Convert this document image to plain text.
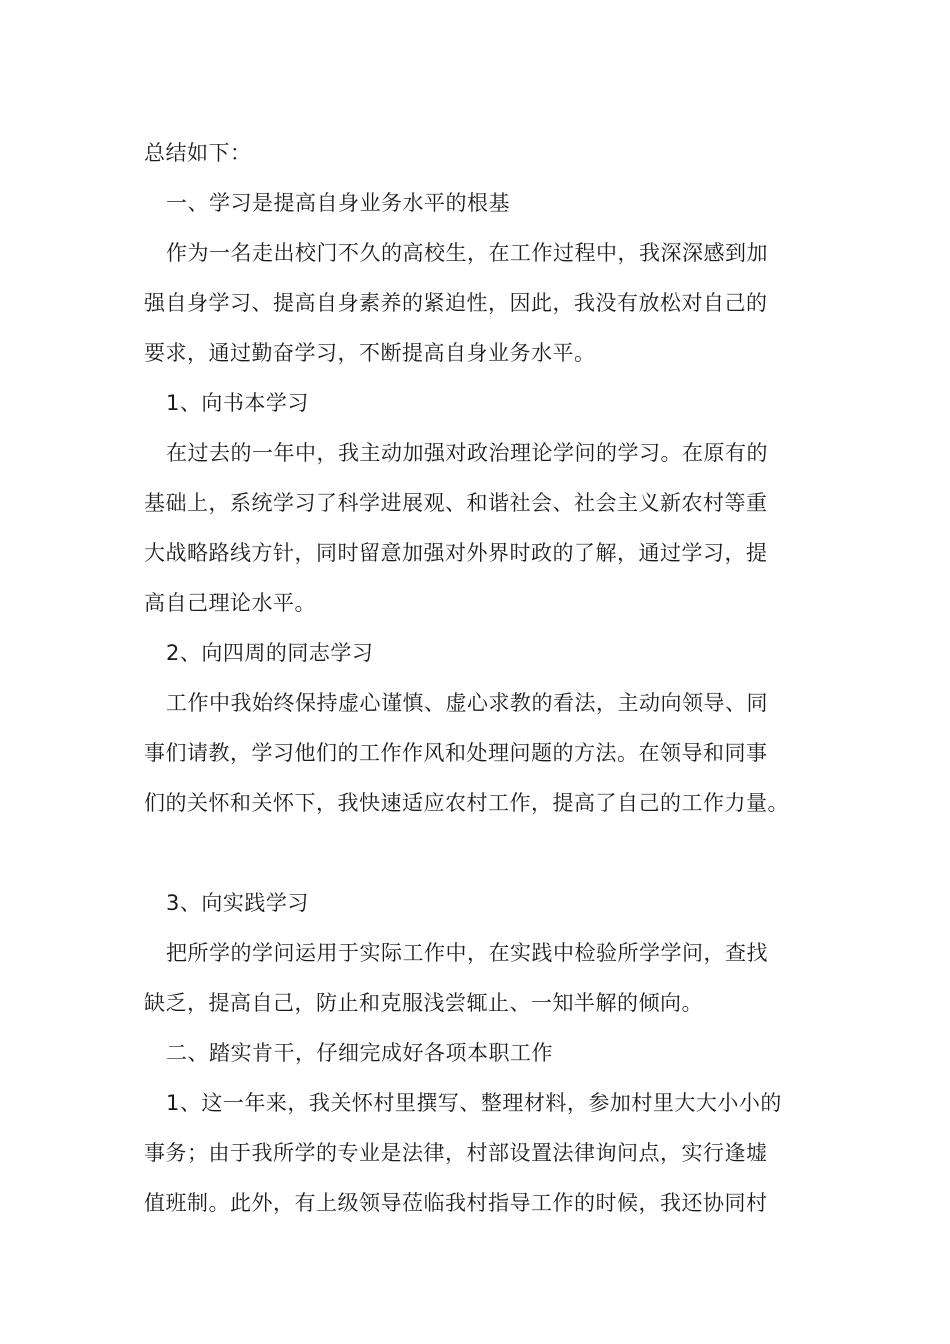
总结如下：
一、学习是提高自身业务水平的根基
作为一名走出校门不久的高校生，在工作过程中，我深深感到加
强自身学习、提高自身素养的紧迫性，因此，我没有放松对自己的
要求，通过勤奋学习，不断提高自身业务水平。
1、向书本学习
在过去的一年中，我主动加强对政治理论学问的学习。在原有的
基础上，系统学习了科学进展观、和谐社会、社会主义新农村等重
大战略路线方针，同时留意加强对外界时政的了解，通过学习，提
高自己理论水平。
2、向四周的同志学习
工作中我始终保持虚心谨慎、虚心求教的看法，主动向领导、同
事们请教，学习他们的工作作风和处理问题的方法。在领导和同事
们的关怀和关怀下，我快速适应农村工作，提高了自己的工作力量。
3、向实践学习
把所学的学问运用于实际工作中，在实践中检验所学学问，查找
缺乏，提高自己，防止和克服浅尝辄止、一知半解的倾向。
二、踏实肯干，仔细完成好各项本职工作
1、这一年来，我关怀村里撰写、整理材料，参加村里大大小小的
事务；由于我所学的专业是法律，村部设置法律询问点，实行逢墟
值班制。此外，有上级领导莅临我村指导工作的时候，我还协同村
